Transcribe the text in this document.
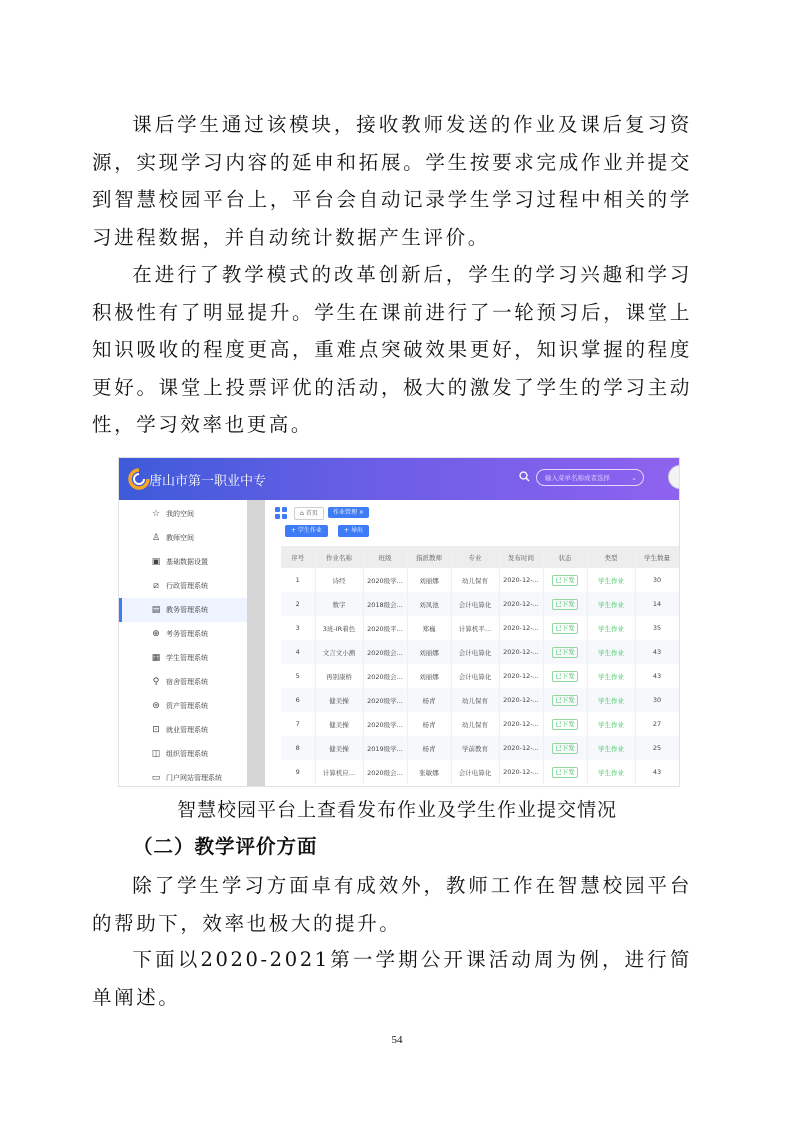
课后学生通过该模块，接收教师发送的作业及课后复习资源，实现学习内容的延申和拓展。学生按要求完成作业并提交到智慧校园平台上，平台会自动记录学生学习过程中相关的学习进程数据，并自动统计数据产生评价。

在进行了教学模式的改革创新后，学生的学习兴趣和学习积极性有了明显提升。学生在课前进行了一轮预习后，课堂上知识吸收的程度更高，重难点突破效果更好，知识掌握的程度更好。课堂上投票评优的活动，极大的激发了学生的学习主动性，学习效率也更高。

唐山市第一职业中专	输入菜单名称或者选择	⌄
☆ 我的空间
♙ 教师空间
▣ 基础数据设置
⧄	行政管理系统
▤ 教务管理系统
⊕ 考务管理系统
▦ 学生管理系统
⚲ 宿舍管理系统
⊜ 资产管理系统
⊡ 就业管理系统
◫ 组织管理系统
▭ 门户网站管理系统
⌂ 首页	作业管理 ×
+ 学生作业	+ 导出
序号	作业名称	班级	指派教师	专业	发布时间	状态	类型	学生数量
1	诗经	2020级学...	刘丽娜	幼儿保育	2020-12-...	已下发	学生作业	30
2	数字	2018级会...	刘凤池	会计电算化	2020-12-...	已下发	学生作业	14
3	3班-IR着色	2020级平...	郑巍	计算机平...	2020-12-...	已下发	学生作业	35
4	文言文小测	2020级会...	刘丽娜	会计电算化	2020-12-...	已下发	学生作业	43
5	再别康桥	2020级会...	刘丽娜	会计电算化	2020-12-...	已下发	学生作业	43
6	健美操	2020级学...	杨青	幼儿保育	2020-12-...	已下发	学生作业	30
7	健美操	2020级学...	杨青	幼儿保育	2020-12-...	已下发	学生作业	27
8	健美操	2019级学...	杨青	学前教育	2020-12-...	已下发	学生作业	25
9	计算机应...	2020级会...	张敏娜	会计电算化	2020-12-...	已下发	学生作业	43
智慧校园平台上查看发布作业及学生作业提交情况
（二）教学评价方面

除了学生学习方面卓有成效外，教师工作在智慧校园平台的帮助下，效率也极大的提升。

下面以2020-2021第一学期公开课活动周为例，进行简单阐述。

54
